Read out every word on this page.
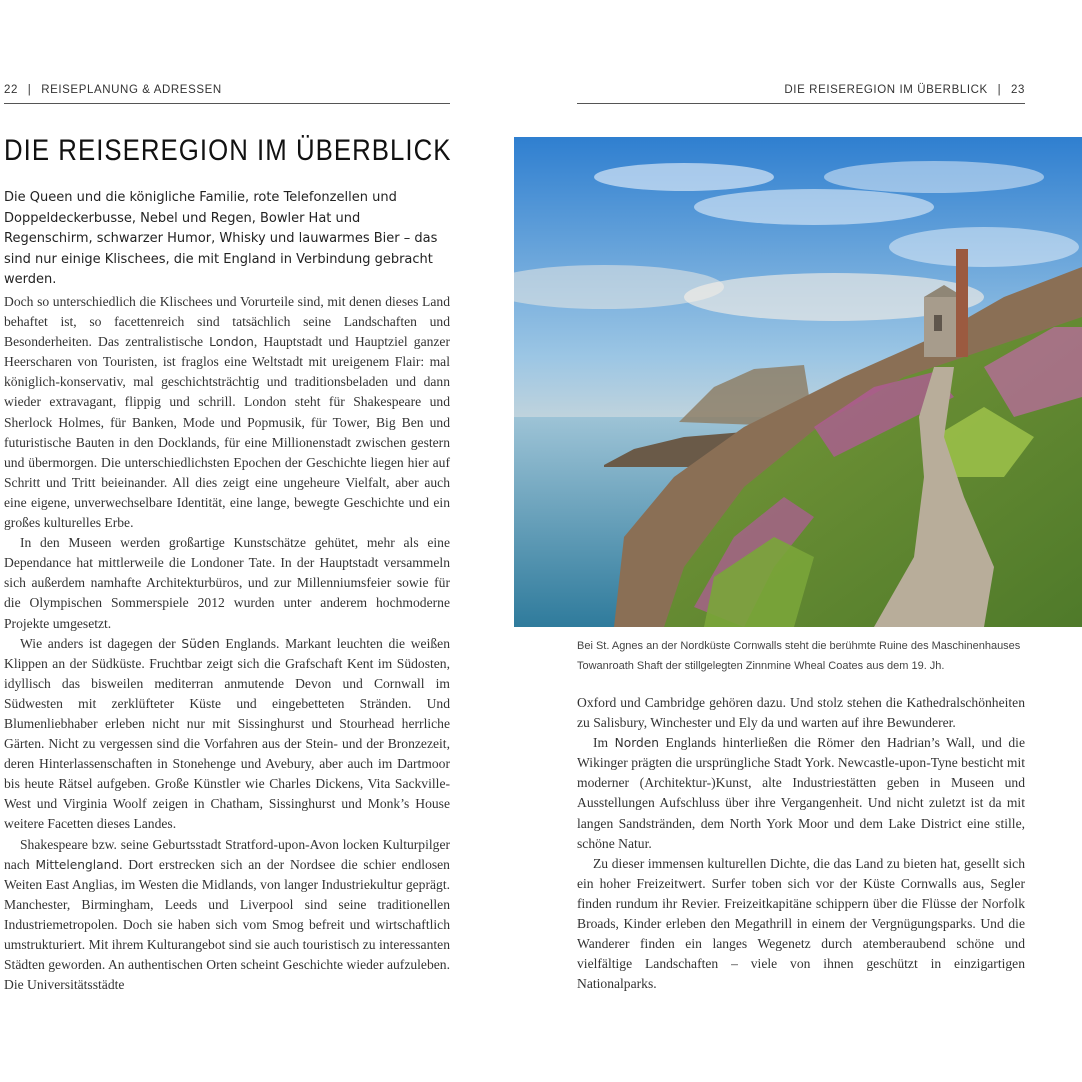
22 | REISEPLANUNG & ADRESSEN	DIE REISEREGION IM ÜBERBLICK | 23
DIE REISEREGION IM ÜBERBLICK
Die Queen und die königliche Familie, rote Telefonzellen und Doppeldeckerbusse, Nebel und Regen, Bowler Hat und Regenschirm, schwarzer Humor, Whisky und lauwarmes Bier – das sind nur einige Klischees, die mit England in Verbindung gebracht werden.

Doch so unterschiedlich die Klischees und Vorurteile sind, mit denen dieses Land behaftet ist, so facettenreich sind tatsächlich seine Landschaften und Besonderheiten. Das zentralistische London, Hauptstadt und Hauptziel ganzer Heerscharen von Touristen, ist fraglos eine Weltstadt mit ureigenem Flair: mal königlich-konservativ, mal geschichtsträchtig und traditionsbeladen und dann wieder extravagant, flippig und schrill. London steht für Shakespeare und Sherlock Holmes, für Banken, Mode und Popmusik, für Tower, Big Ben und futuristische Bauten in den Docklands, für eine Millionenstadt zwischen gestern und übermorgen. Die unterschiedlichsten Epochen der Geschichte liegen hier auf Schritt und Tritt beieinander. All dies zeigt eine ungeheure Vielfalt, aber auch eine eigene, unverwechselbare Identität, eine lange, bewegte Geschichte und ein großes kulturelles Erbe.

In den Museen werden großartige Kunstschätze gehütet, mehr als eine Dependance hat mittlerweile die Londoner Tate. In der Hauptstadt versammeln sich außerdem namhafte Architekturbüros, und zur Millenniumsfeier sowie für die Olympischen Sommerspiele 2012 wurden unter anderem hochmoderne Projekte umgesetzt.

Wie anders ist dagegen der Süden Englands. Markant leuchten die weißen Klippen an der Südküste. Fruchtbar zeigt sich die Grafschaft Kent im Südosten, idyllisch das bisweilen mediterran anmutende Devon und Cornwall im Südwesten mit zerklüfteter Küste und eingebetteten Stränden. Und Blumenliebhaber erleben nicht nur mit Sissinghurst und Stourhead herrliche Gärten. Nicht zu vergessen sind die Vorfahren aus der Stein- und der Bronzezeit, deren Hinterlassenschaften in Stonehenge und Avebury, aber auch im Dartmoor bis heute Rätsel aufgeben. Große Künstler wie Charles Dickens, Vita Sackville-West und Virginia Woolf zeigen in Chatham, Sissinghurst und Monk’s House weitere Facetten dieses Landes.

Shakespeare bzw. seine Geburtsstadt Stratford-upon-Avon locken Kulturpilger nach Mittelengland. Dort erstrecken sich an der Nordsee die schier endlosen Weiten East Anglias, im Westen die Midlands, von langer Industriekultur geprägt. Manchester, Birmingham, Leeds und Liverpool sind seine traditionellen Industriemetropolen. Doch sie haben sich vom Smog befreit und wirtschaftlich umstrukturiert. Mit ihrem Kulturangebot sind sie auch touristisch zu interessanten Städten geworden. An authentischen Orten scheint Geschichte wieder aufzuleben. Die Universitätsstädte

Bei St. Agnes an der Nordküste Cornwalls steht die berühmte Ruine des Maschinenhauses Towanroath Shaft der stillgelegten Zinnmine Wheal Coates aus dem 19. Jh.

Oxford und Cambridge gehören dazu. Und stolz stehen die Kathedralschönheiten zu Salisbury, Winchester und Ely da und warten auf ihre Bewunderer.

Im Norden Englands hinterließen die Römer den Hadrian’s Wall, und die Wikinger prägten die ursprüngliche Stadt York. Newcastle-upon-Tyne besticht mit moderner (Architektur-)Kunst, alte Industriestätten geben in Museen und Ausstellungen Aufschluss über ihre Vergangenheit. Und nicht zuletzt ist da mit langen Sandstränden, dem North York Moor und dem Lake District eine stille, schöne Natur.

Zu dieser immensen kulturellen Dichte, die das Land zu bieten hat, gesellt sich ein hoher Freizeitwert. Surfer toben sich vor der Küste Cornwalls aus, Segler finden rundum ihr Revier. Freizeitkapitäne schippern über die Flüsse der Norfolk Broads, Kinder erleben den Megathrill in einem der Vergnügungsparks. Und die Wanderer finden ein langes Wegenetz durch atemberaubend schöne und vielfältige Landschaften – viele von ihnen geschützt in einzigartigen Nationalparks.
